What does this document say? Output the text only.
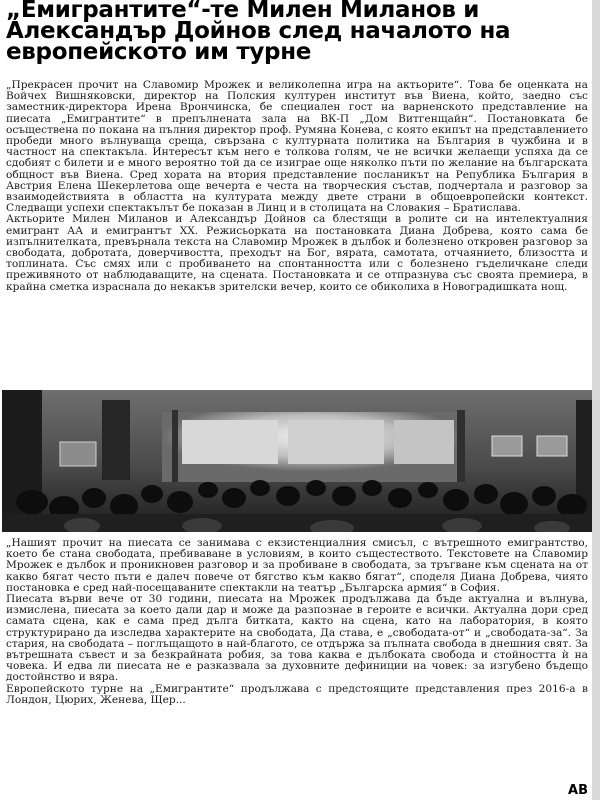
„Емигрантите“-те Милен Миланов и Александър Дойнов след началото на европейското им турне

„Прекрасен прочит на Славомир Мрожек и великолепна игра на актьорите“. Това бе оценката на Войчех Вишняковски, директор на Полския културен институт във Виена, който, заедно със заместник-директора Ирена Врончинска, бе специален гост на варненското представление на пиесата „Емигрантите“ в препълнената зала на ВК-П „Дом Витгенщайн“. Постановката бе осъществена по покана на пълния директор проф. Румяна Конева, с която екипът на представлението пробеди много вълнуваща среща, свързана с културната политика на България в чужбина и в частност на спектакъла. Интересът към него е толкова голям, че не всички желаещи успяха да се сдобият с билети и е много вероятно той да се изиграе още няколко пъти по желание на българската общност във Виена. Сред хората на втория представление посланикът на Република България в Австрия Елена Шекерлетова още вечерта е честа на творческия състав, подчертала и разговор за взаимодействията в областта на културата между двете страни в общоевропейски контекст. Следващи успехи спектакълът бе показан в Линц и в столицата на Словакия – Братислава.

Актьорите Милен Миланов и Александър Дойнов са блестящи в ролите си на интелектуалния емигрант АА и емигрантът ХХ. Режисьорката на постановката Диана Добрева, която сама бе изпълнителката, превърнала текста на Славомир Мрожек в дълбок и болезнено откровен разговор за свободата, добротата, доверчивостта, преходът на Бог, вярата, самотата, отчаянието, близостта и топлината. Със смях или с пробиването на спонтанността или с болезнено гъделичкане следи преживяното от наблюдаващите, на сцената. Постановката и се отпразнува със своята премиера, в крайна сметка израснала до некакъв зрителски вечер, които се обиколиха в Новоградишката нощ.

„Нашият прочит на пиесата се занимава с екзистенциалния смисъл, с вътрешното емигрантство, което бе стана свободата, пребиваване в условиям, в които същестеството. Текстовете на Славомир Мрожек е дълбок и проникновен разговор и за пробиване в свободата, за тръгване към сцената на от какво бягат често пъти е далеч повече от бягство към какво бягат“, споделя Диана Добрева, чиято постановка е сред най-посещаваните спектакли на театър „Българска армия“ в София.

Пиесата върви вече от 30 години, пиесата на Мрожек продължава да бъде актуална и вълнува, измислена, пиесата за което дали дар и може да разпознае в героите е всички. Актуална дори сред самата сцена, как е сама пред дълга битката, както на сцена, като на лаборатория, в която структурирано да изследва характерите на свободата, Да става, е „свободата-от“ и „свободата-за“. За стария, на свободата – поглъщащото в най-благото, се отдържа за пълната свобода в днешния свят. За вътрешната съвест и за безкрайната робия, за това каква е дълбоката свобода и стойността ѝ на човека. И едва ли пиесата не е разказвала за духовните дефиниции на човек: за изгубено бъдещо достойнство и вяра.

Европейското турне на „Емигрантите“ продължава с предстоящите представления през 2016-а в Лондон, Цюрих, Женева, Щер...

AB
